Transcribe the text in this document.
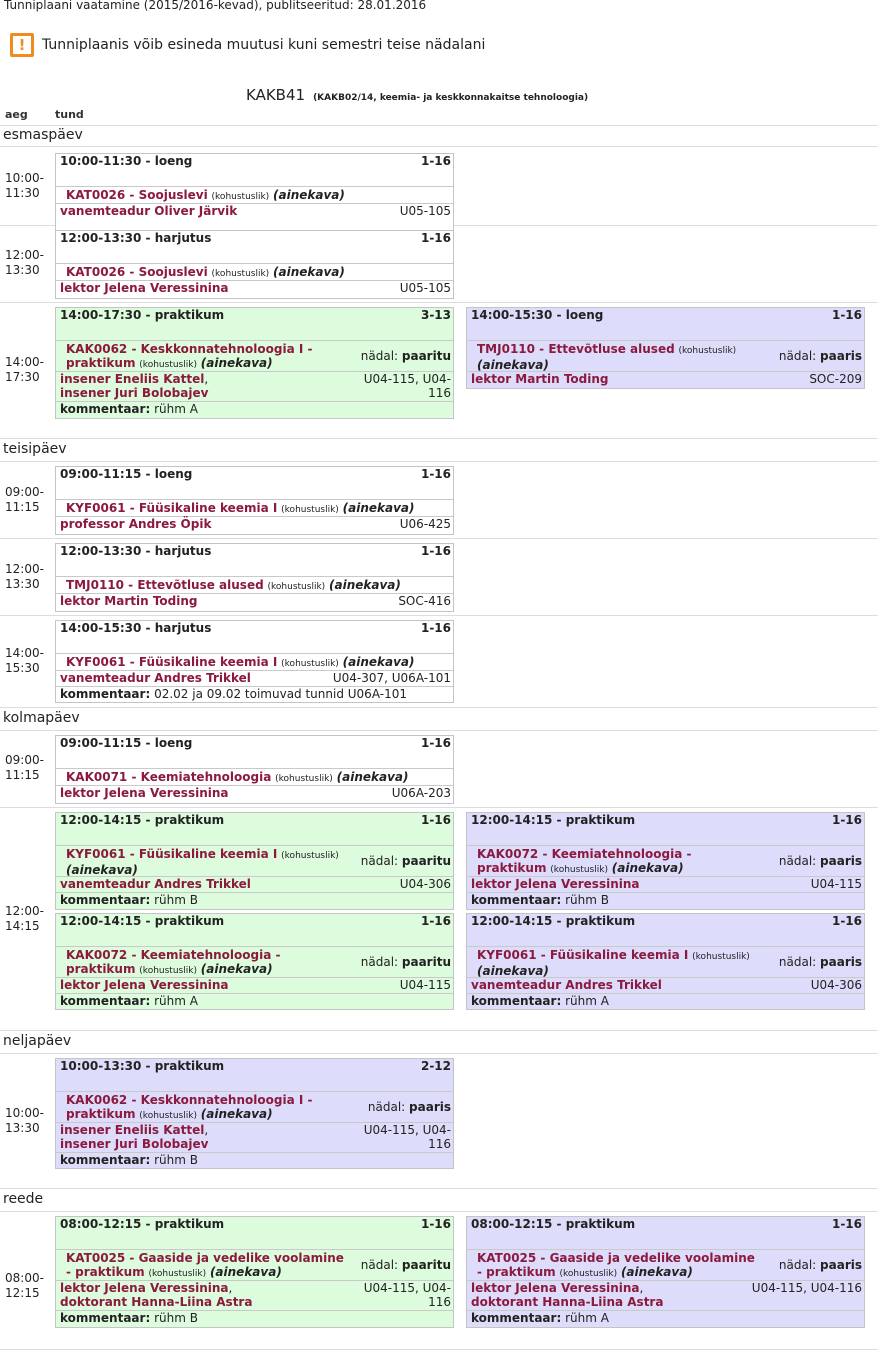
Tunniplaani vaatamine (2015/2016-kevad), publitseeritud: 28.01.2016
!	Tunniplaanis võib esineda muutusi kuni semestri teise nädalani
KAKB41 (KAKB02/14, keemia- ja keskkonnakaitse tehnoloogia)
aeg tund
esmaspäev
10:00-
11:30
10:00-11:30 - loeng	1-16
KAT0026 - Soojuslevi (kohustuslik) (ainekava)
vanemteadur Oliver Järvik	U05-105
12:00-
13:30
12:00-13:30 - harjutus	1-16
KAT0026 - Soojuslevi (kohustuslik) (ainekava)
lektor Jelena Veressinina	U05-105
14:00-
17:30
14:00-17:30 - praktikum	3-13
KAK0062 - Keskkonnatehnoloogia I - praktikum (kohustuslik) (ainekava)	nädal: paaritu
insener Eneliis Kattel,
insener Juri Bolobajev
U04-115, U04-116
kommentaar: rühm A
14:00-15:30 - loeng	1-16
TMJ0110 - Ettevõtluse alused (kohustuslik) (ainekava)
nädal: paaris
lektor Martin Toding	SOC-209
teisipäev
09:00-
11:15
09:00-11:15 - loeng	1-16
KYF0061 - Füüsikaline keemia I (kohustuslik) (ainekava)
professor Andres Öpik	U06-425
12:00-
13:30
12:00-13:30 - harjutus	1-16
TMJ0110 - Ettevõtluse alused (kohustuslik) (ainekava)
lektor Martin Toding	SOC-416
14:00-
15:30
14:00-15:30 - harjutus	1-16
KYF0061 - Füüsikaline keemia I (kohustuslik) (ainekava)
vanemteadur Andres Trikkel	U04-307, U06A-101
kommentaar: 02.02 ja 09.02 toimuvad tunnid U06A-101
kolmapäev
09:00-
11:15
09:00-11:15 - loeng	1-16
KAK0071 - Keemiatehnoloogia (kohustuslik) (ainekava)
lektor Jelena Veressinina	U06A-203
12:00-
14:15
12:00-14:15 - praktikum	1-16
KYF0061 - Füüsikaline keemia I (kohustuslik) (ainekava)
nädal: paaritu
vanemteadur Andres Trikkel	U04-306
kommentaar: rühm B
12:00-14:15 - praktikum	1-16
KAK0072 - Keemiatehnoloogia - praktikum (kohustuslik) (ainekava)	nädal: paaris
lektor Jelena Veressinina	U04-115
kommentaar: rühm B
12:00-14:15 - praktikum	1-16
KAK0072 - Keemiatehnoloogia - praktikum (kohustuslik) (ainekava)	nädal: paaritu
lektor Jelena Veressinina	U04-115
kommentaar: rühm A
12:00-14:15 - praktikum	1-16
KYF0061 - Füüsikaline keemia I (kohustuslik) (ainekava)
nädal: paaris
vanemteadur Andres Trikkel	U04-306
kommentaar: rühm A
neljapäev
10:00-
13:30
10:00-13:30 - praktikum	2-12
KAK0062 - Keskkonnatehnoloogia I - praktikum (kohustuslik) (ainekava)	nädal: paaris
insener Eneliis Kattel,
insener Juri Bolobajev
U04-115, U04-116
kommentaar: rühm B
reede
08:00-
12:15
08:00-12:15 - praktikum	1-16
KAT0025 - Gaaside ja vedelike voolamine - praktikum (kohustuslik) (ainekava)	nädal: paaritu
lektor Jelena Veressinina,
doktorant Hanna-Liina Astra
U04-115, U04-116
kommentaar: rühm B
08:00-12:15 - praktikum	1-16
KAT0025 - Gaaside ja vedelike voolamine - praktikum (kohustuslik) (ainekava)	nädal: paaris
lektor Jelena Veressinina,
doktorant Hanna-Liina Astra
U04-115, U04-116
kommentaar: rühm A
